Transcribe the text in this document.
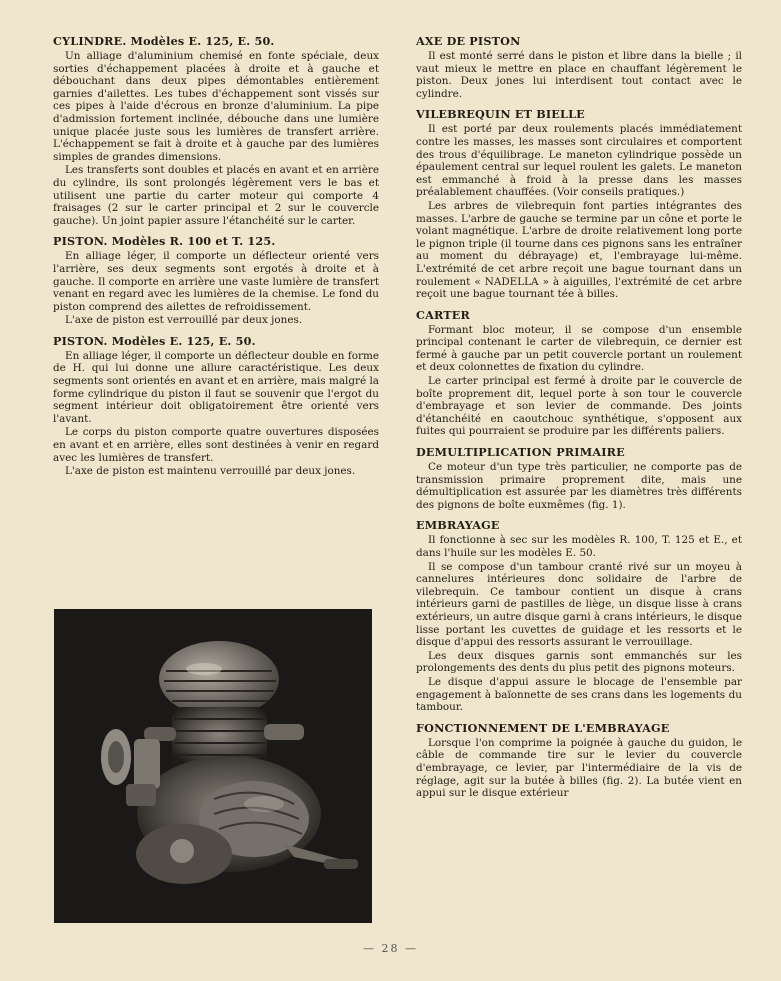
CYLINDRE. Modèles E. 125, E. 50.

Un alliage d'aluminium chemisé en fonte spéciale, deux sorties d'échappement placées à droite et à gauche et débouchant dans deux pipes démontables entièrement garnies d'ailettes. Les tubes d'échappement sont vissés sur ces pipes à l'aide d'écrous en bronze d'aluminium. La pipe d'admission fortement inclinée, débouche dans une lumière unique placée juste sous les lumières de transfert arrière. L'échappement se fait à droite et à gauche par des lumières simples de grandes dimensions.

Les transferts sont doubles et placés en avant et en arrière du cylindre, ils sont prolongés légèrement vers le bas et utilisent une partie du carter moteur qui comporte 4 fraisages (2 sur le carter principal et 2 sur le couvercle gauche). Un joint papier assure l'étanchéité sur le carter.

PISTON. Modèles R. 100 et T. 125.

En alliage léger, il comporte un déflecteur orienté vers l'arrière, ses deux segments sont ergotés à droite et à gauche. Il comporte en arrière une vaste lumière de transfert venant en regard avec les lumières de la chemise. Le fond du piston comprend des ailettes de refroidissement.

L'axe de piston est verrouillé par deux jones.

PISTON. Modèles E. 125, E. 50.

En alliage léger, il comporte un déflecteur double en forme de H. qui lui donne une allure caractéristique. Les deux segments sont orientés en avant et en arrière, mais malgré la forme cylindrique du piston il faut se souvenir que l'ergot du segment intérieur doit obligatoirement être orienté vers l'avant.

Le corps du piston comporte quatre ouvertures disposées en avant et en arrière, elles sont destinées à venir en regard avec les lumières de transfert.

L'axe de piston est maintenu verrouillé par deux jones.

AXE DE PISTON

Il est monté serré dans le piston et libre dans la bielle ; il vaut mieux le mettre en place en chauffant légèrement le piston. Deux jones lui interdisent tout contact avec le cylindre.

VILEBREQUIN ET BIELLE

Il est porté par deux roulements placés immédiatement contre les masses, les masses sont circulaires et comportent des trous d'équilibrage. Le maneton cylindrique possède un épaulement central sur lequel roulent les galets. Le maneton est emmanché à froid à la presse dans les masses préalablement chauffées. (Voir conseils pratiques.)

Les arbres de vilebrequin font parties intégrantes des masses. L'arbre de gauche se termine par un cône et porte le volant magnétique. L'arbre de droite relativement long porte le pignon triple (il tourne dans ces pignons sans les entraîner au moment du débrayage) et, l'embrayage lui-même. L'extrémité de cet arbre reçoit une bague tournant dans un roulement « NADELLA » à aiguilles, l'extrémité de cet arbre reçoit une bague tournant tée à billes.

CARTER

Formant bloc moteur, il se compose d'un ensemble principal contenant le carter de vilebrequin, ce dernier est fermé à gauche par un petit couvercle portant un roulement et deux colonnettes de fixation du cylindre.

Le carter principal est fermé à droite par le couvercle de boîte proprement dit, lequel porte à son tour le couvercle d'embrayage et son levier de commande. Des joints d'étanchéité en caoutchouc synthétique, s'opposent aux fuites qui pourraient se produire par les différents paliers.

DEMULTIPLICATION PRIMAIRE

Ce moteur d'un type très particulier, ne comporte pas de transmission primaire proprement dite, mais une démultiplication est assurée par les diamètres très différents des pignons de boîte euxmêmes (fig. 1).

EMBRAYAGE

Il fonctionne à sec sur les modèles R. 100, T. 125 et E., et dans l'huile sur les modèles E. 50.

Il se compose d'un tambour cranté rivé sur un moyeu à cannelures intérieures donc solidaire de l'arbre de vilebrequin. Ce tambour contient un disque à crans intérieurs garni de pastilles de liège, un disque lisse à crans extérieurs, un autre disque garni à crans intérieurs, le disque lisse portant les cuvettes de guidage et les ressorts et le disque d'appui des ressorts assurant le verrouillage.

Les deux disques garnis sont emmanchés sur les prolongements des dents du plus petit des pignons moteurs.

Le disque d'appui assure le blocage de l'ensemble par engagement à baïonnette de ses crans dans les logements du tambour.

FONCTIONNEMENT DE L'EMBRAYAGE

Lorsque l'on comprime la poignée à gauche du guidon, le câble de commande tire sur le levier du couvercle d'embrayage, ce levier, par l'intermédiaire de la vis de réglage, agit sur la butée à billes (fig. 2). La butée vient en appui sur le disque extérieur

— 28 —
